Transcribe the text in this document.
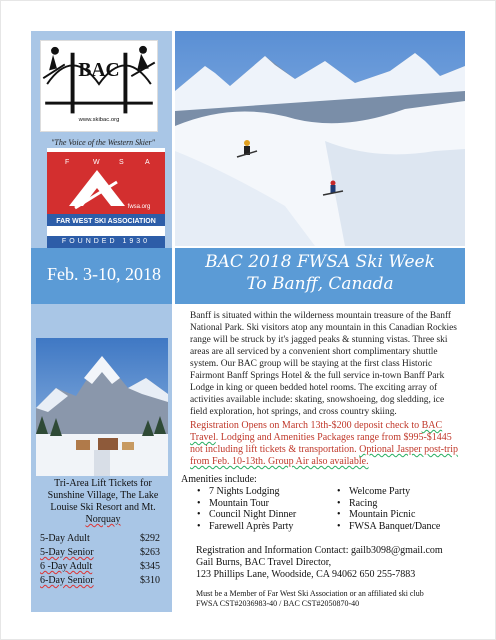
BAC
www.skibac.org
"The Voice of the Western Skier"
F	W	S	A
fwsa.org
FAR WEST SKI ASSOCIATION
FOUNDED 1930
Feb. 3-10, 2018
BAC 2018 FWSA Ski Week
To Banff, Canada
Tri-Area Lift Tickets for Sunshine Village, The Lake Louise Ski Resort and Mt. Norquay
5-Day Adult	$292
5-Day Senior	$263
6 -Day Adult	$345
6-Day Senior	$310
Banff is situated within the wilderness mountain treasure of the Banff National Park. Ski visitors atop any mountain in this Canadian Rockies range will be struck by it's jagged peaks & stunning vistas. Three ski areas are all serviced by a convenient short complimentary shuttle system. Our BAC group will be staying at the first class Historic Fairmont Banff Springs Hotel & the full service in-town Banff Park Lodge in king or queen bedded hotel rooms. The exciting array of activities available include: skating, snowshoeing, dog sledding, ice field exploration, hot springs, and cross country skiing.
Registration Opens on March 13th-$200 deposit check to BAC Travel. Lodging and Amenities Packages range from $995-$1445 not including lift tickets & transportation. Optional Jasper post-trip from Feb. 10-13th. Group Air also available.
Amenities include:
• 7 Nights Lodging
• Mountain Tour
• Council Night Dinner
• Farewell Après Party
• Welcome Party
• Racing
• Mountain Picnic
• FWSA Banquet/Dance
Registration and Information Contact: gailb3098@gmail.com
Gail Burns, BAC Travel Director,
123 Phillips Lane, Woodside, CA 94062 650 255-7883
Must be a Member of Far West Ski Association or an affiliated ski club
FWSA CST#2036983-40 / BAC CST#2050870-40
